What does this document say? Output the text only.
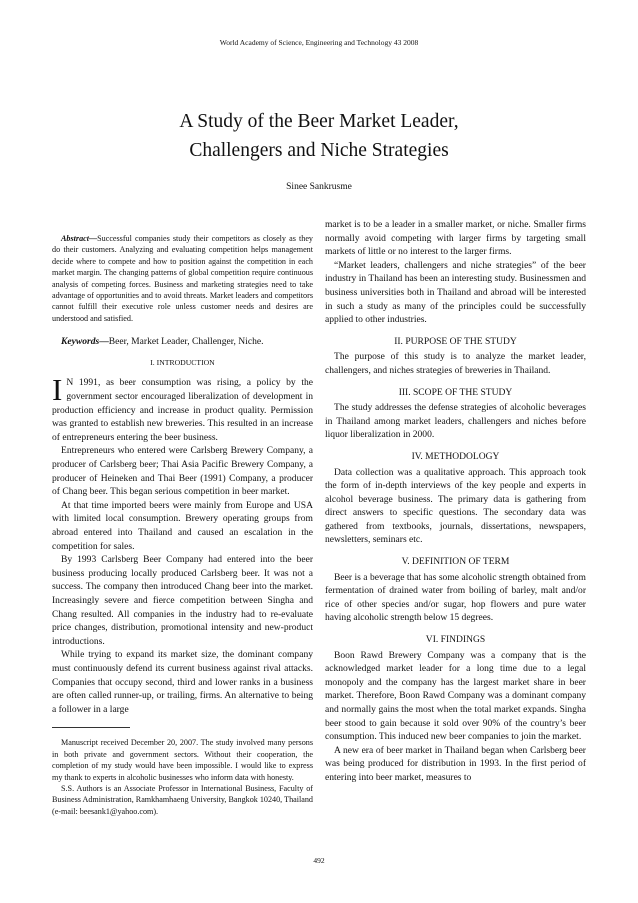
World Academy of Science, Engineering and Technology 43 2008
A Study of the Beer Market Leader,
Challengers and Niche Strategies
Sinee Sankrusme

Abstract—Successful companies study their competitors as closely as they do their customers. Analyzing and evaluating competition helps management decide where to compete and how to position against the competition in each market margin. The changing patterns of global competition require continuous analysis of competing forces. Business and marketing strategies need to take advantage of opportunities and to avoid threats. Market leaders and competitors cannot fulfill their executive role unless customer needs and desires are understood and satisfied.

Keywords—Beer, Market Leader, Challenger, Niche.

I. INTRODUCTION

I N 1991, as beer consumption was rising, a policy by the government sector encouraged liberalization of development in production efficiency and increase in product quality. Permission was granted to establish new breweries. This resulted in an increase of entrepreneurs entering the beer business.

Entrepreneurs who entered were Carlsberg Brewery Company, a producer of Carlsberg beer; Thai Asia Pacific Brewery Company, a producer of Heineken and Thai Beer (1991) Company, a producer of Chang beer. This began serious competition in beer market.

At that time imported beers were mainly from Europe and USA with limited local consumption. Brewery operating groups from abroad entered into Thailand and caused an escalation in the competition for sales.

By 1993 Carlsberg Beer Company had entered into the beer business producing locally produced Carlsberg beer. It was not a success. The company then introduced Chang beer into the market. Increasingly severe and fierce competition between Singha and Chang resulted. All companies in the industry had to re-evaluate price changes, distribution, promotional intensity and new-product introductions.

While trying to expand its market size, the dominant company must continuously defend its current business against rival attacks. Companies that occupy second, third and lower ranks in a business are often called runner-up, or trailing, firms. An alternative to being a follower in a large

Manuscript received December 20, 2007. The study involved many persons in both private and government sectors. Without their cooperation, the completion of my study would have been impossible. I would like to express my thank to experts in alcoholic businesses who inform data with honesty.

S.S. Authors is an Associate Professor in International Business, Faculty of Business Administration, Ramkhamhaeng University, Bangkok 10240, Thailand (e-mail: beesank1@yahoo.com).

market is to be a leader in a smaller market, or niche. Smaller firms normally avoid competing with larger firms by targeting small markets of little or no interest to the larger firms.

“Market leaders, challengers and niche strategies” of the beer industry in Thailand has been an interesting study. Businessmen and business universities both in Thailand and abroad will be interested in such a study as many of the principles could be successfully applied to other industries.

II. PURPOSE OF THE STUDY

The purpose of this study is to analyze the market leader, challengers, and niches strategies of breweries in Thailand.

III. SCOPE OF THE STUDY

The study addresses the defense strategies of alcoholic beverages in Thailand among market leaders, challengers and niches before liquor liberalization in 2000.

IV. METHODOLOGY

Data collection was a qualitative approach. This approach took the form of in-depth interviews of the key people and experts in alcohol beverage business. The primary data is gathering from direct answers to specific questions. The secondary data was gathered from textbooks, journals, dissertations, newspapers, newsletters, seminars etc.

V. DEFINITION OF TERM

Beer is a beverage that has some alcoholic strength obtained from fermentation of drained water from boiling of barley, malt and/or rice of other species and/or sugar, hop flowers and pure water having alcoholic strength below 15 degrees.

VI. FINDINGS

Boon Rawd Brewery Company was a company that is the acknowledged market leader for a long time due to a legal monopoly and the company has the largest market share in beer market. Therefore, Boon Rawd Company was a dominant company and normally gains the most when the total market expands. Singha beer stood to gain because it sold over 90% of the country’s beer consumption. This induced new beer companies to join the market.

A new era of beer market in Thailand began when Carlsberg beer was being produced for distribution in 1993. In the first period of entering into beer market, measures to

492
